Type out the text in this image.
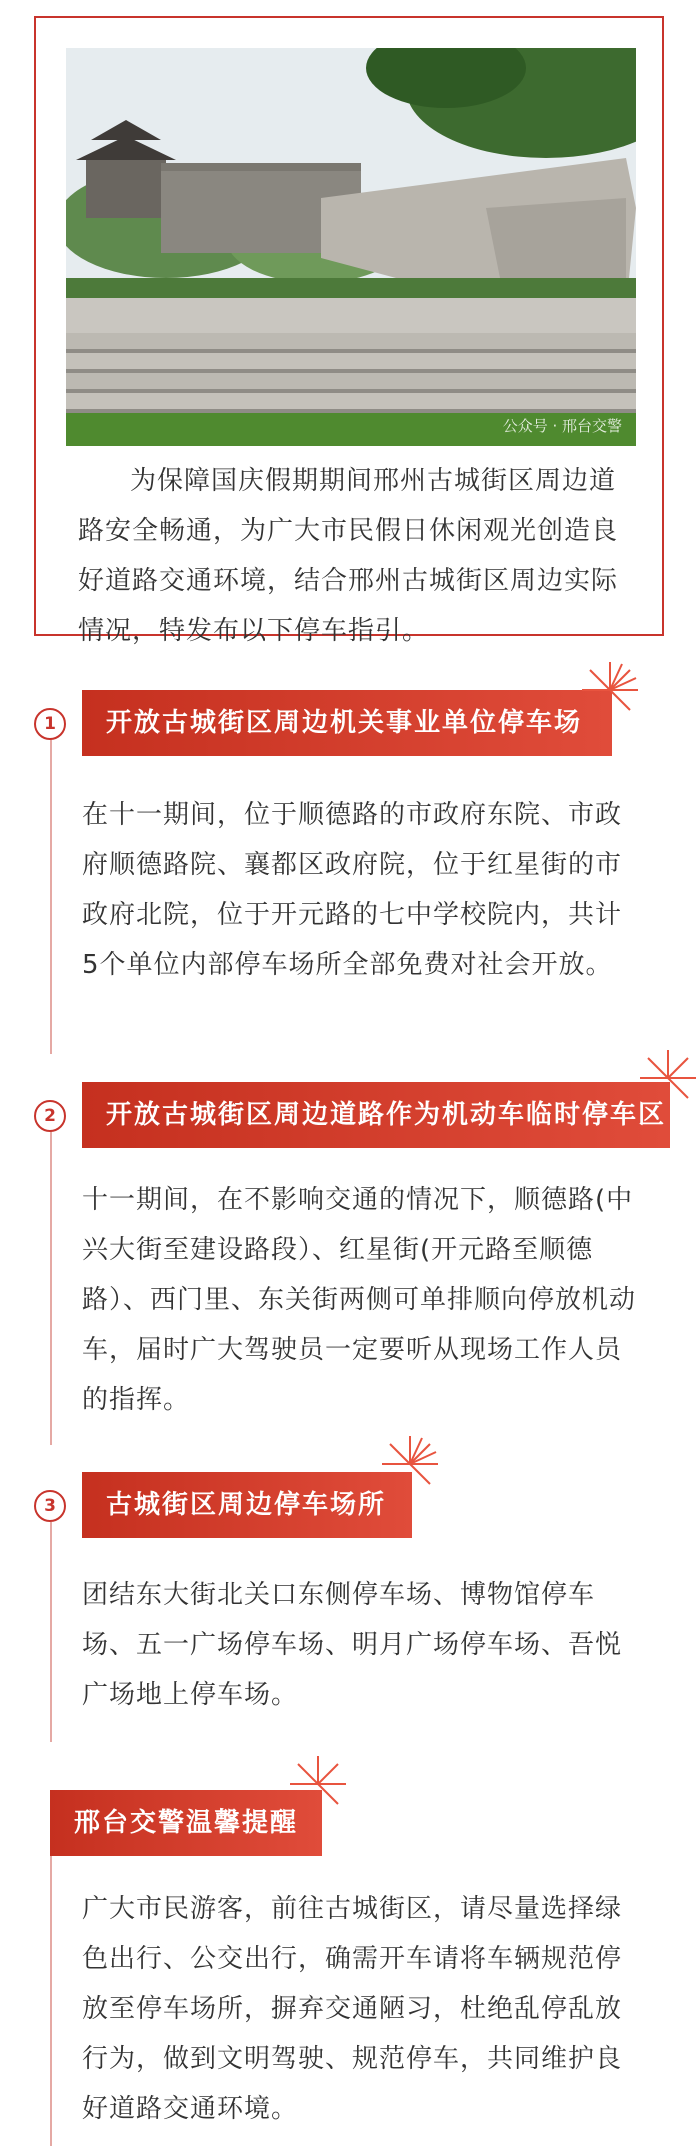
公众号 · 邢台交警

为保障国庆假期期间邢州古城街区周边道路安全畅通，为广大市民假日休闲观光创造良好道路交通环境，结合邢州古城街区周边实际情况，特发布以下停车指引。

1	开放古城街区周边机关事业单位停车场

在十一期间，位于顺德路的市政府东院、市政府顺德路院、襄都区政府院，位于红星街的市政府北院，位于开元路的七中学校院内，共计5个单位内部停车场所全部免费对社会开放。

2	开放古城街区周边道路作为机动车临时停车区

十一期间，在不影响交通的情况下，顺德路(中兴大街至建设路段）、红星街(开元路至顺德路）、西门里、东关街两侧可单排顺向停放机动车，届时广大驾驶员一定要听从现场工作人员的指挥。

3	古城街区周边停车场所

团结东大街北关口东侧停车场、博物馆停车场、五一广场停车场、明月广场停车场、吾悦广场地上停车场。

邢台交警温馨提醒

广大市民游客，前往古城街区，请尽量选择绿色出行、公交出行，确需开车请将车辆规范停放至停车场所，摒弃交通陋习，杜绝乱停乱放行为，做到文明驾驶、规范停车，共同维护良好道路交通环境。
